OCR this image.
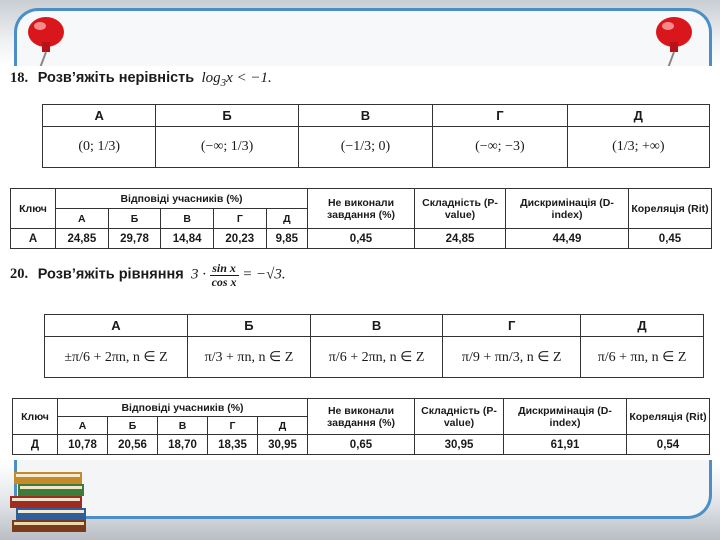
18. Розв’яжіть нерівність $\log_3x < -1$.
А	Б	В	Г	Д
(0; 1/3)	(−∞; 1/3)	(−1/3; 0)	(−∞; −3)	(1/3; +∞)
Ключ	Відповіді учасників (%)					Не виконали завдання (%)	Складність (P-value)	Дискримінація (D-index)	Кореляція (Rit)
	А	Б	В	Г	Д				
А	24,85	29,78	14,84	20,23	9,85	0,45	24,85	44,49	0,45
20. Розв’яжіть рівняння $3 \cdot \frac{\text{sin x}}{\text{cos x}} = -√3$.
А	Б	В	Г	Д
±π/6 + 2πn, n ∈ Z	π/3 + πn, n ∈ Z	π/6 + 2πn, n ∈ Z	π/9 + πn/3, n ∈ Z	π/6 + πn, n ∈ Z
Ключ	Відповіді учасників (%)					Не виконали завдання (%)	Складність (P-value)	Дискримінація (D-index)	Кореляція (Rit)
	А	Б	В	Г	Д				
Д	10,78	20,56	18,70	18,35	30,95	0,65	30,95	61,91	0,54
